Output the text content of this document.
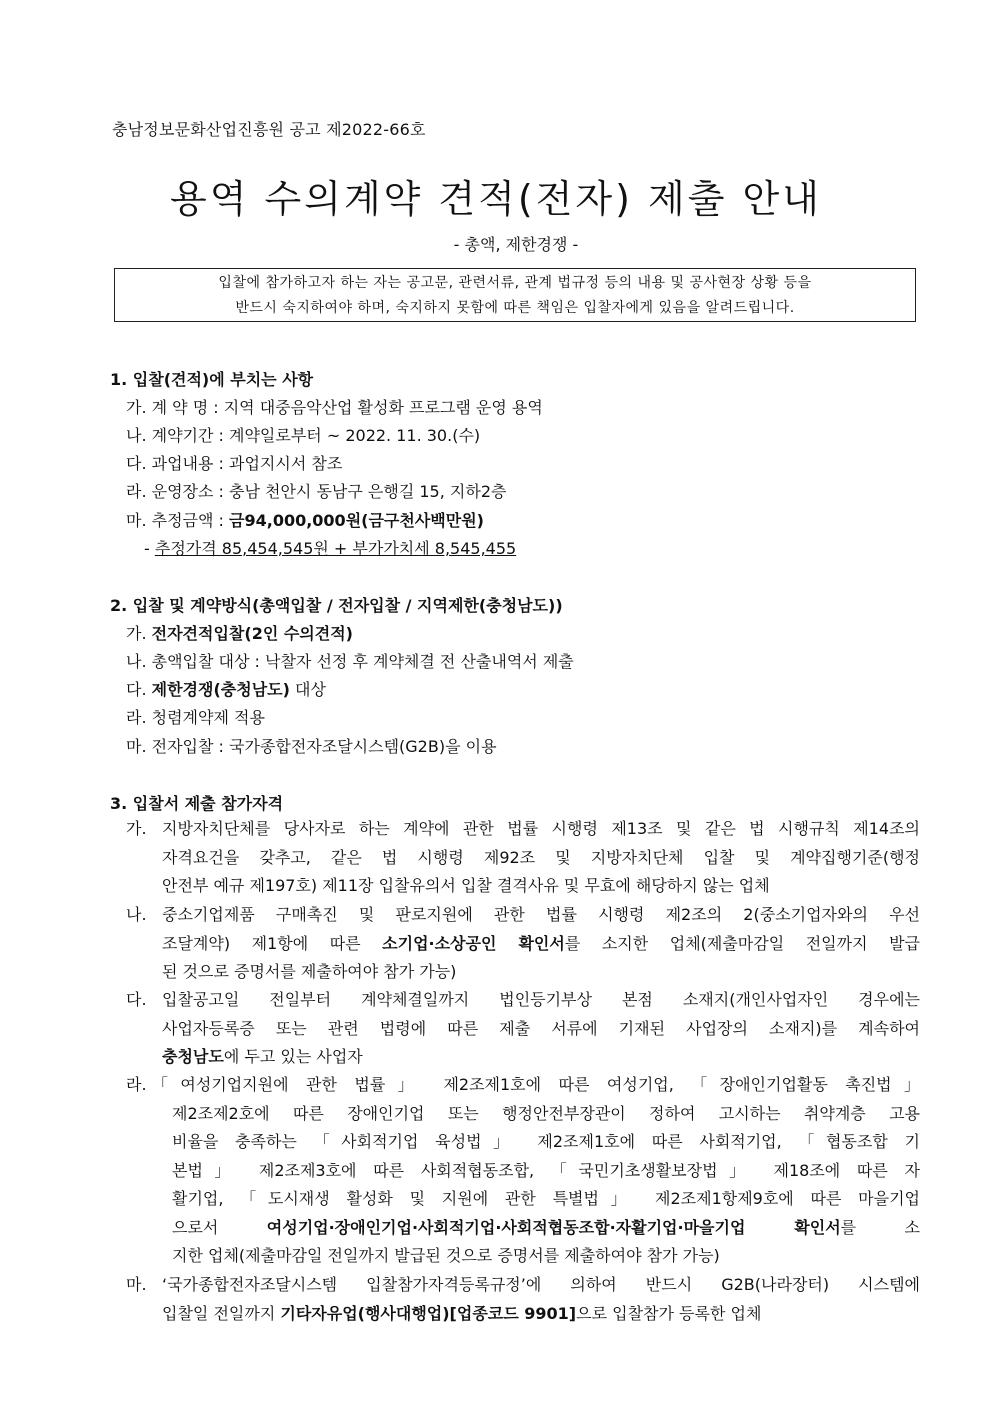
충남정보문화산업진흥원 공고 제2022-66호
용역 수의계약 견적(전자) 제출 안내
- 총액, 제한경쟁 -
입찰에 참가하고자 하는 자는 공고문, 관련서류, 관계 법규정 등의 내용 및 공사현장 상황 등을
반드시 숙지하여야 하며, 숙지하지 못함에 따른 책임은 입찰자에게 있음을 알려드립니다.
1. 입찰(견적)에 부치는 사항
가. 계 약 명 : 지역 대중음악산업 활성화 프로그램 운영 용역
나. 계약기간 : 계약일로부터 ~ 2022. 11. 30.(수)
다. 과업내용 : 과업지시서 참조
라. 운영장소 : 충남 천안시 동남구 은행길 15, 지하2층
마. 추정금액 : 금94,000,000원(금구천사백만원)
- 추정가격 85,454,545원 + 부가가치세 8,545,455
2. 입찰 및 계약방식(총액입찰 / 전자입찰 / 지역제한(충청남도))
가. 전자견적입찰(2인 수의견적)
나. 총액입찰 대상 : 낙찰자 선정 후 계약체결 전 산출내역서 제출
다. 제한경쟁(충청남도) 대상
라. 청렴계약제 적용
마. 전자입찰 : 국가종합전자조달시스템(G2B)을 이용
3. 입찰서 제출 참가자격
가. 지방자치단체를 당사자로 하는 계약에 관한 법률 시행령 제13조 및 같은 법 시행규칙 제14조의
자격요건을 갖추고, 같은 법 시행령 제92조 및 지방자치단체 입찰 및 계약집행기준(행정
안전부 예규 제197호) 제11장 입찰유의서 입찰 결격사유 및 무효에 해당하지 않는 업체
나. 중소기업제품 구매촉진 및 판로지원에 관한 법률 시행령 제2조의 2(중소기업자와의 우선
조달계약) 제1항에 따른 소기업·소상공인 확인서를 소지한 업체(제출마감일 전일까지 발급
된 것으로 증명서를 제출하여야 참가 가능)
다. 입찰공고일 전일부터 계약체결일까지 법인등기부상 본점 소재지(개인사업자인 경우에는
사업자등록증 또는 관련 법령에 따른 제출 서류에 기재된 사업장의 소재지)를 계속하여
충청남도에 두고 있는 사업자
라. 「여성기업지원에 관한 법률」 제2조제1호에 따른 여성기업, 「장애인기업활동 촉진법」
제2조제2호에 따른 장애인기업 또는 행정안전부장관이 정하여 고시하는 취약계층 고용
비율을 충족하는 「사회적기업 육성법」 제2조제1호에 따른 사회적기업, 「협동조합 기
본법」 제2조제3호에 따른 사회적협동조합, 「국민기초생활보장법」 제18조에 따른 자
활기업, 「도시재생 활성화 및 지원에 관한 특별법」 제2조제1항제9호에 따른 마을기업
으로서 여성기업·장애인기업·사회적기업·사회적협동조합·자활기업·마을기업 확인서를 소
지한 업체(제출마감일 전일까지 발급된 것으로 증명서를 제출하여야 참가 가능)
마. ‘국가종합전자조달시스템 입찰참가자격등록규정’에 의하여 반드시 G2B(나라장터) 시스템에
입찰일 전일까지 기타자유업(행사대행업)[업종코드 9901]으로 입찰참가 등록한 업체
